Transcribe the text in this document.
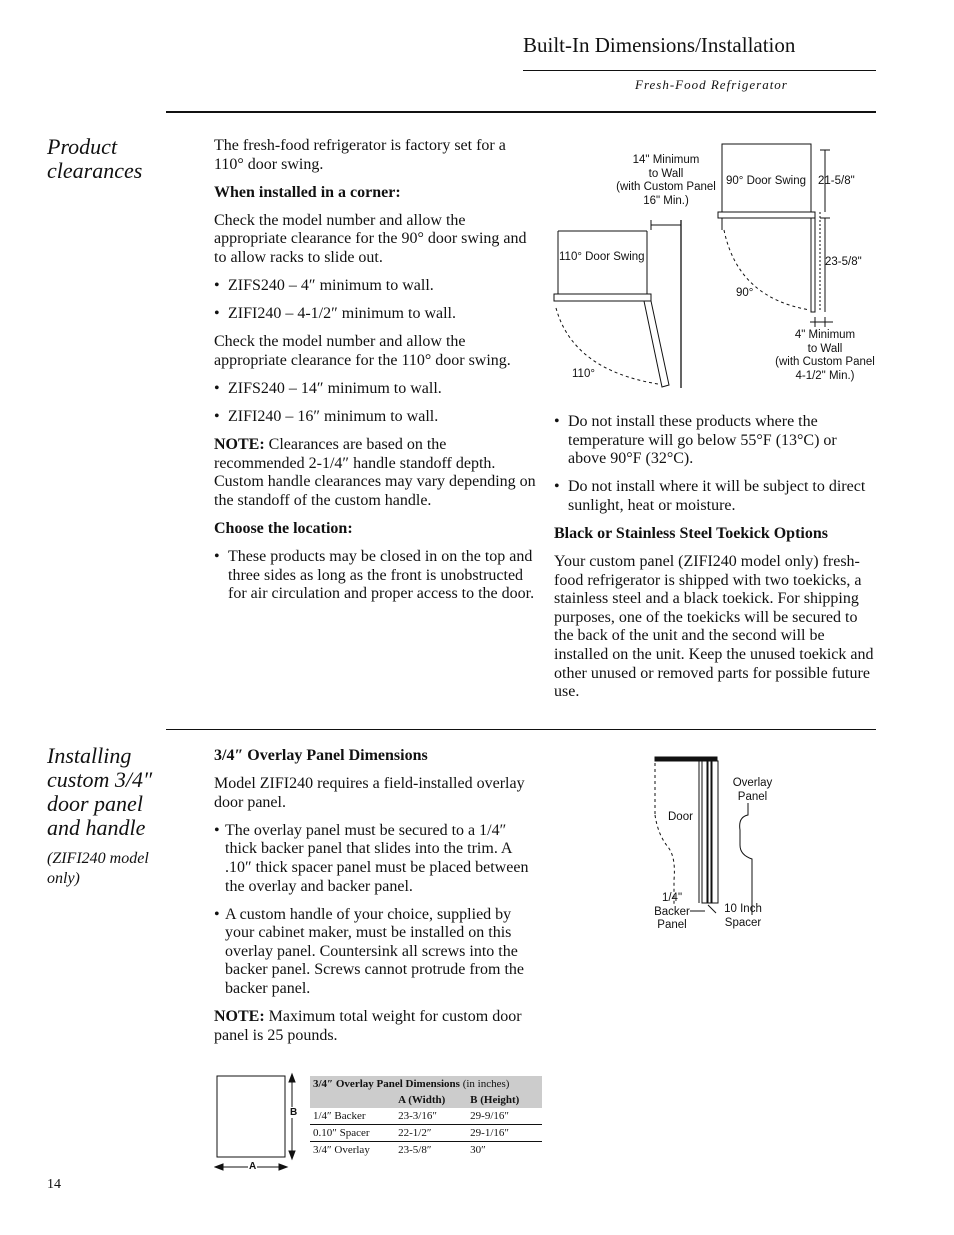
Built-In Dimensions/Installation
Fresh-Food Refrigerator
Product
clearances

The fresh-food refrigerator is factory set for a 110° door swing.

When installed in a corner:

Check the model number and allow the appropriate clearance for the 90° door swing and to allow racks to slide out.

• ZIFS240 – 4″ minimum to wall.
• ZIFI240 – 4-1/2″ minimum to wall.

Check the model number and allow the appropriate clearance for the 110° door swing.

• ZIFS240 – 14″ minimum to wall.
• ZIFI240 – 16″ minimum to wall.

NOTE: Clearances are based on the recommended 2-1/4″ handle standoff depth. Custom handle clearances may vary depending on the standoff of the custom handle.

Choose the location:

• These products may be closed in on the top and three sides as long as the front is unobstructed for air circulation and proper access to the door.
14" Minimum
to Wall
(with Custom Panel
16" Min.)
90° Door Swing 21-5/8"
110° Door Swing	23-5/8"
90°
4" Minimum
to Wall
(with Custom Panel
4-1/2" Min.)
110°
• Do not install these products where the temperature will go below 55°F (13°C) or above 90°F (32°C).
• Do not install where it will be subject to direct sunlight, heat or moisture.

Black or Stainless Steel Toekick Options

Your custom panel (ZIFI240 model only) fresh-food refrigerator is shipped with two toekicks, a stainless steel and a black toekick. For shipping purposes, one of the toekicks will be secured to the back of the unit and the second will be installed on the unit. Keep the unused toekick and other unused or removed parts for possible future use.

Installing
custom 3/4″
door panel
and handle
(ZIFI240 model
only)

3/4″ Overlay Panel Dimensions

Model ZIFI240 requires a field-installed overlay door panel.

• The overlay panel must be secured to a 1/4″ thick backer panel that slides into the trim. A .10″ thick spacer panel must be placed between the overlay and backer panel.
• A custom handle of your choice, supplied by your cabinet maker, must be installed on this overlay panel. Countersink all screws into the backer panel. Screws cannot protrude from the backer panel.

NOTE: Maximum total weight for custom door panel is 25 pounds.

Overlay
Panel
Door
1/4"
Backer
Panel
10 Inch
Spacer
B
A
3/4″ Overlay Panel Dimensions (in inches)		
	A (Width)	B (Height)
1/4″ Backer	23-3/16″	29-9/16″
0.10″ Spacer	22-1/2″	29-1/16″
3/4″ Overlay	23-5/8″	30″
14
